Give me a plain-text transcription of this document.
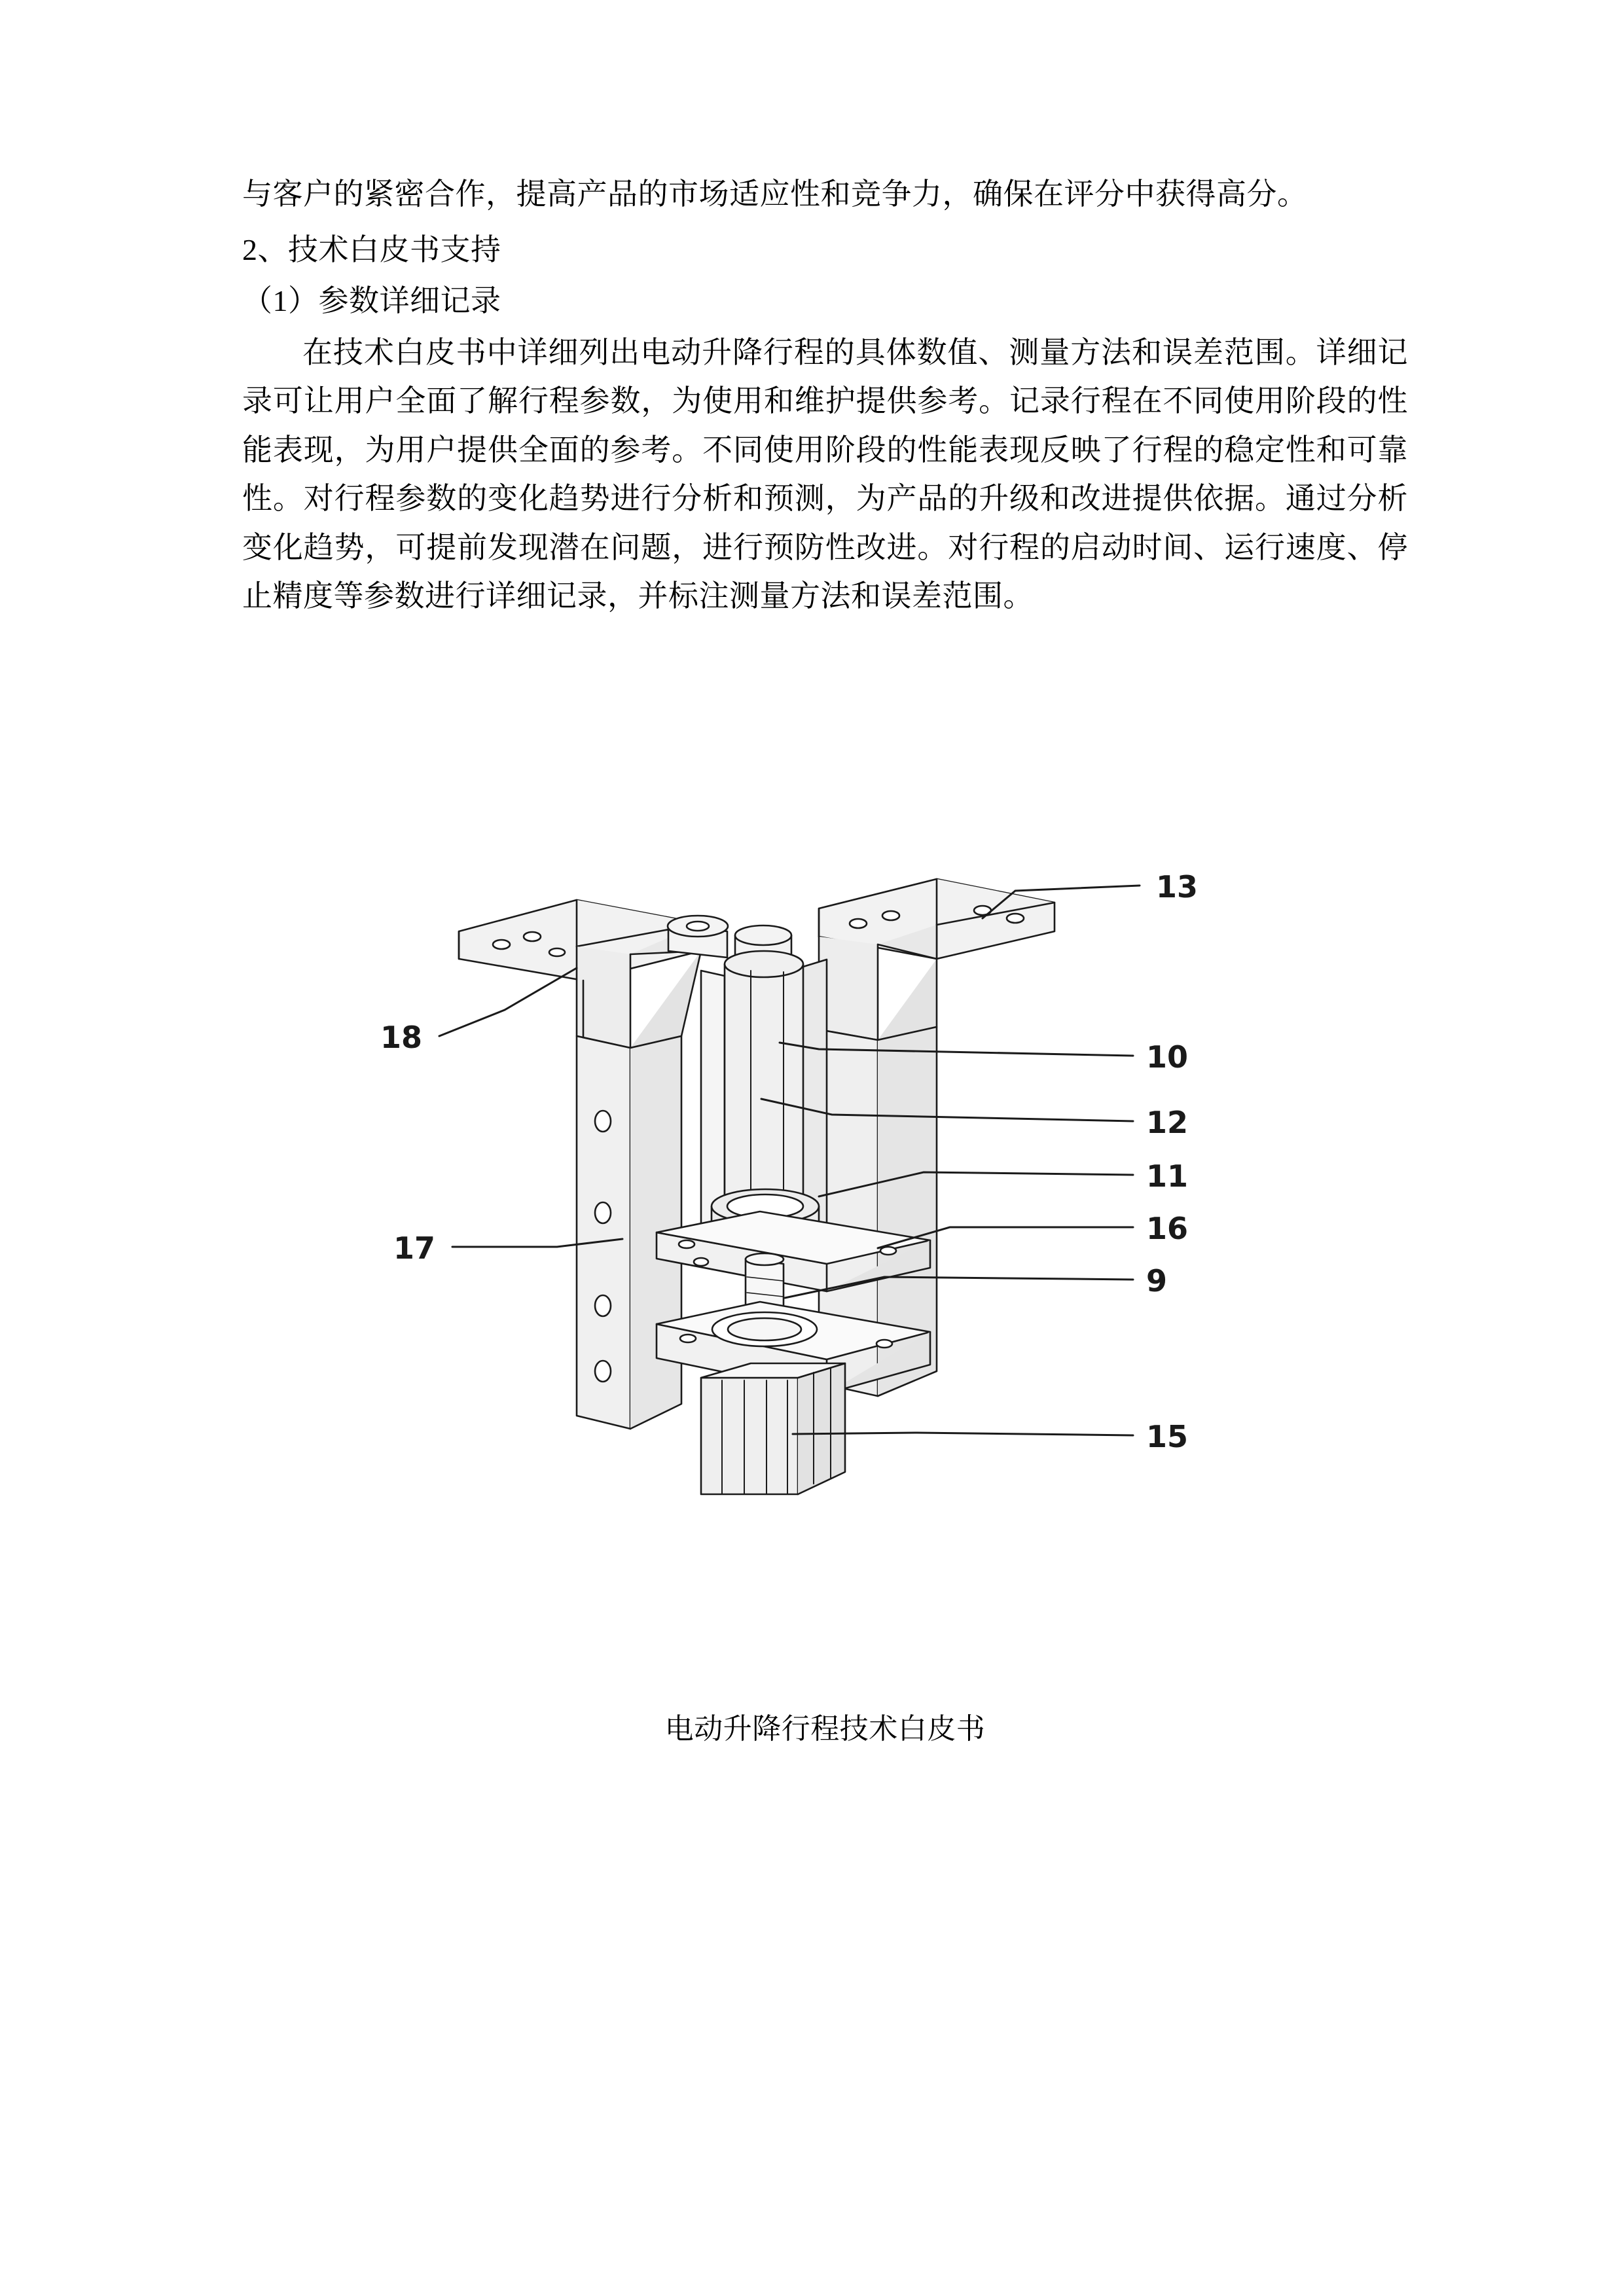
与客户的紧密合作，提高产品的市场适应性和竞争力，确保在评分中获得高分。

2、技术白皮书支持

（1）参数详细记录

在技术白皮书中详细列出电动升降行程的具体数值、测量方法和误差范围。详细记录可让用户全面了解行程参数，为使用和维护提供参考。记录行程在不同使用阶段的性能表现，为用户提供全面的参考。不同使用阶段的性能表现反映了行程的稳定性和可靠性。对行程参数的变化趋势进行分析和预测，为产品的升级和改进提供依据。通过分析变化趋势，可提前发现潜在问题，进行预防性改进。对行程的启动时间、运行速度、停止精度等参数进行详细记录，并标注测量方法和误差范围。

13
18
10
12
11
16
9
17
15
电动升降行程技术白皮书
